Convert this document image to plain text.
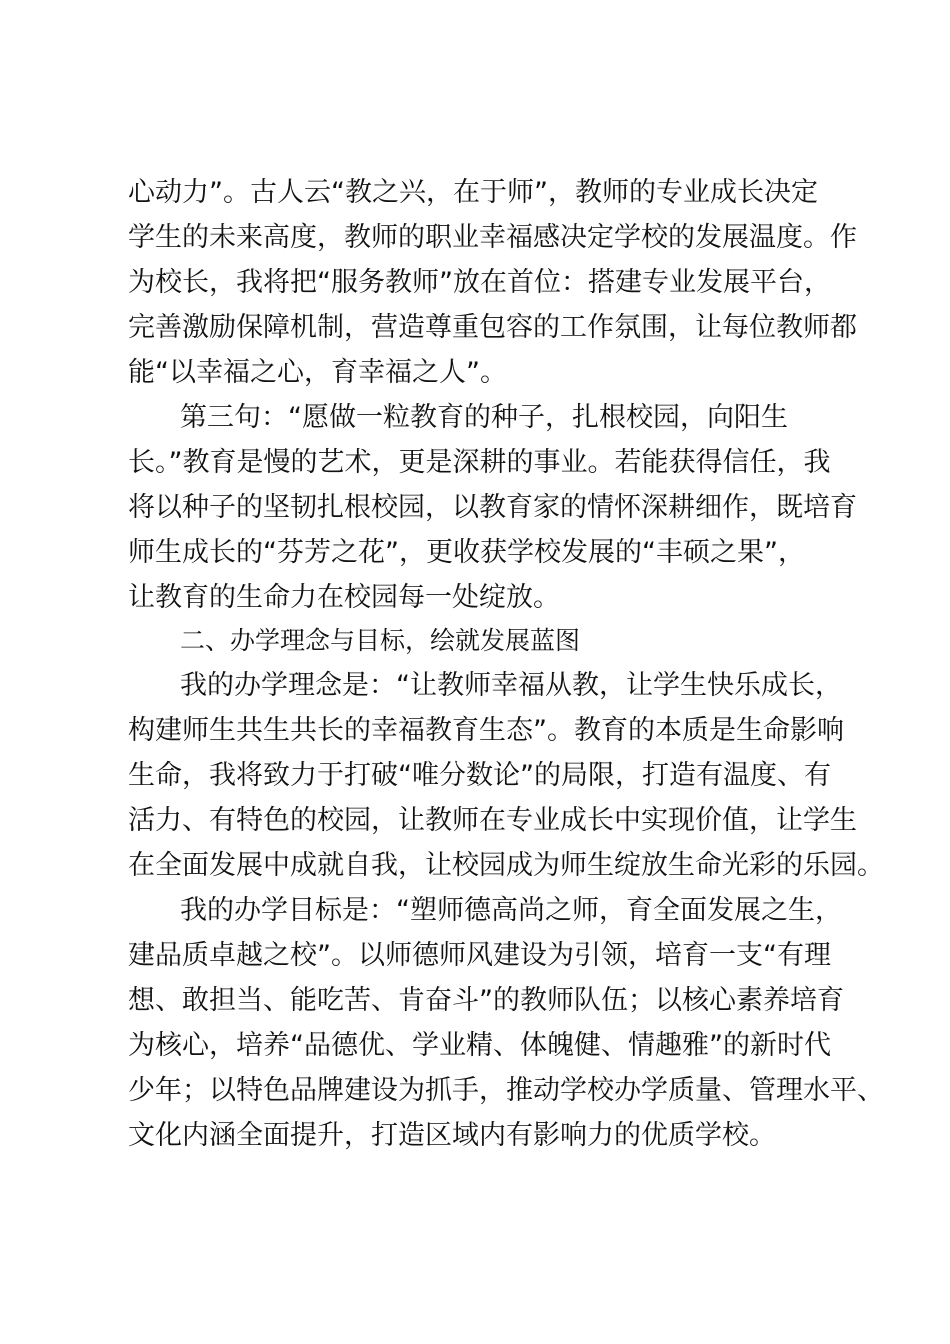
心动力”。古人云“教之兴，在于师”，教师的专业成长决定
学生的未来高度，教师的职业幸福感决定学校的发展温度。作
为校长，我将把“服务教师”放在首位：搭建专业发展平台，
完善激励保障机制，营造尊重包容的工作氛围，让每位教师都
能“以幸福之心，育幸福之人”。
第三句：“愿做一粒教育的种子，扎根校园，向阳生
长。”教育是慢的艺术，更是深耕的事业。若能获得信任，我
将以种子的坚韧扎根校园，以教育家的情怀深耕细作，既培育
师生成长的“芬芳之花”，更收获学校发展的“丰硕之果”，
让教育的生命力在校园每一处绽放。
二、办学理念与目标，绘就发展蓝图
我的办学理念是：“让教师幸福从教，让学生快乐成长，
构建师生共生共长的幸福教育生态”。教育的本质是生命影响
生命，我将致力于打破“唯分数论”的局限，打造有温度、有
活力、有特色的校园，让教师在专业成长中实现价值，让学生
在全面发展中成就自我，让校园成为师生绽放生命光彩的乐园。
我的办学目标是：“塑师德高尚之师，育全面发展之生，
建品质卓越之校”。以师德师风建设为引领，培育一支“有理
想、敢担当、能吃苦、肯奋斗”的教师队伍；以核心素养培育
为核心，培养“品德优、学业精、体魄健、情趣雅”的新时代
少年；以特色品牌建设为抓手，推动学校办学质量、管理水平、
文化内涵全面提升，打造区域内有影响力的优质学校。
